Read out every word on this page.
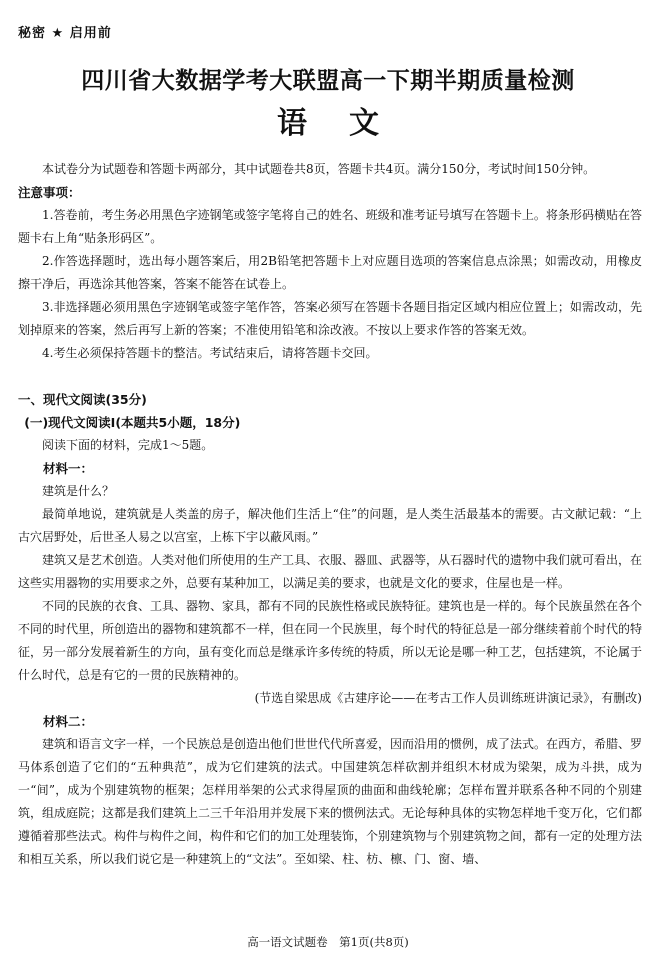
秘密 ★ 启用前
四川省大数据学考大联盟高一下期半期质量检测
语文

本试卷分为试题卷和答题卡两部分，其中试题卷共8页，答题卡共4页。满分150分，考试时间150分钟。

注意事项：

1.答卷前，考生务必用黑色字迹钢笔或签字笔将自己的姓名、班级和准考证号填写在答题卡上。将条形码横贴在答题卡右上角“贴条形码区”。

2.作答选择题时，选出每小题答案后，用2B铅笔把答题卡上对应题目选项的答案信息点涂黑；如需改动，用橡皮擦干净后，再选涂其他答案，答案不能答在试卷上。

3.非选择题必须用黑色字迹钢笔或签字笔作答，答案必须写在答题卡各题目指定区域内相应位置上；如需改动，先划掉原来的答案，然后再写上新的答案；不准使用铅笔和涂改液。不按以上要求作答的答案无效。

4.考生必须保持答题卡的整洁。考试结束后，请将答题卡交回。

一、现代文阅读(35分)

(一)现代文阅读Ⅰ(本题共5小题，18分)

阅读下面的材料，完成1～5题。

材料一：

建筑是什么？

最简单地说，建筑就是人类盖的房子，解决他们生活上“住”的问题，是人类生活最基本的需要。古文献记载：“上古穴居野处，后世圣人易之以宫室，上栋下宇以蔽风雨。”

建筑又是艺术创造。人类对他们所使用的生产工具、衣服、器皿、武器等，从石器时代的遗物中我们就可看出，在这些实用器物的实用要求之外，总要有某种加工，以满足美的要求，也就是文化的要求，住屋也是一样。

不同的民族的衣食、工具、器物、家具，都有不同的民族性格或民族特征。建筑也是一样的。每个民族虽然在各个不同的时代里，所创造出的器物和建筑都不一样，但在同一个民族里，每个时代的特征总是一部分继续着前个时代的特征，另一部分发展着新生的方向，虽有变化而总是继承许多传统的特质，所以无论是哪一种工艺，包括建筑，不论属于什么时代，总是有它的一贯的民族精神的。

(节选自梁思成《古建序论——在考古工作人员训练班讲演记录》，有删改)

材料二：

建筑和语言文字一样，一个民族总是创造出他们世世代代所喜爱，因而沿用的惯例，成了法式。在西方，希腊、罗马体系创造了它们的“五种典范”，成为它们建筑的法式。中国建筑怎样砍割并组织木材成为梁架，成为斗拱，成为一“间”，成为个别建筑物的框架；怎样用举架的公式求得屋顶的曲面和曲线轮廓；怎样布置并联系各种不同的个别建筑，组成庭院；这都是我们建筑上二三千年沿用并发展下来的惯例法式。无论每种具体的实物怎样地千变万化，它们都遵循着那些法式。构件与构件之间，构件和它们的加工处理装饰，个别建筑物与个别建筑物之间，都有一定的处理方法和相互关系，所以我们说它是一种建筑上的“文法”。至如梁、柱、枋、檩、门、窗、墙、

高一语文试题卷　第1页(共8页)
